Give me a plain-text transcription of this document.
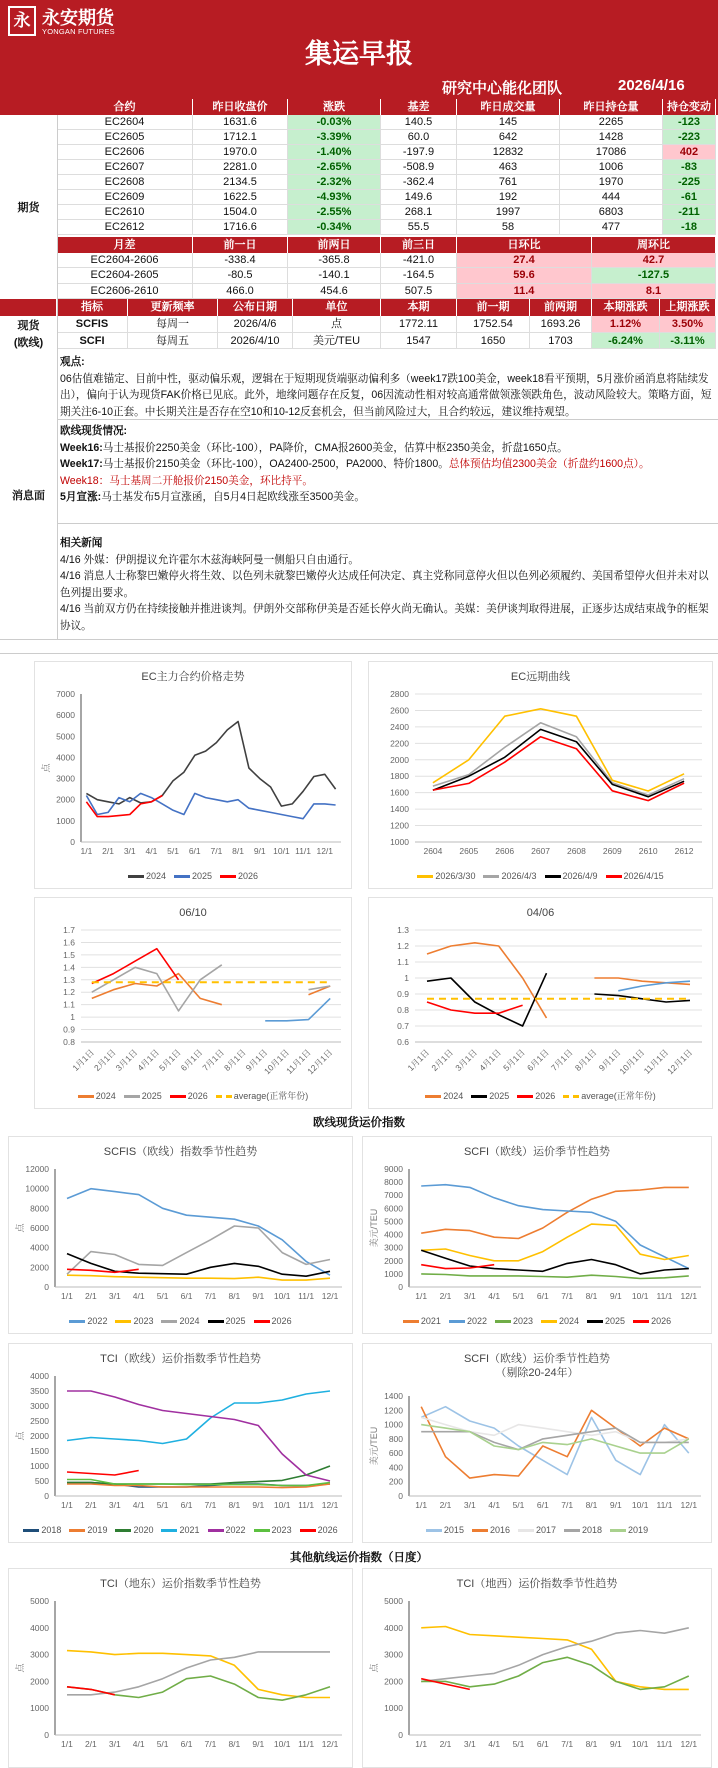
永 永安期货
YONGAN FUTURES
集运早报
研究中心能化团队	2026/4/16
合约	昨日收盘价	涨跌	基差	昨日成交量	昨日持仓量	持仓变动
EC2604	1631.6	-0.03%	140.5	145	2265	-123
EC2605	1712.1	-3.39%	60.0	642	1428	-223
EC2606	1970.0	-1.40%	-197.9	12832	17086	402
EC2607	2281.0	-2.65%	-508.9	463	1006	-83
EC2608	2134.5	-2.32%	-362.4	761	1970	-225
EC2609	1622.5	-4.93%	149.6	192	444	-61
EC2610	1504.0	-2.55%	268.1	1997	6803	-211
EC2612	1716.6	-0.34%	55.5	58	477	-18
月差	前一日	前两日	前三日	日环比	周环比
EC2604-2606	-338.4	-365.8	-421.0	27.4	42.7
EC2604-2605	-80.5	-140.1	-164.5	59.6	-127.5
EC2606-2610	466.0	454.6	507.5	11.4	8.1
指标	更新频率	公布日期	单位	本期	前一期	前两期	本期涨跌	上期涨跌
SCFIS	每周一	2026/4/6	点	1772.11	1752.54	1693.26	1.12%	3.50%
SCFI	每周五	2026/4/10	美元/TEU	1547	1650	1703	-6.24%	-3.11%
期货
现货
(欧线)
消息面
观点:
06估值难锚定、目前中性，驱动偏乐观，逻辑在于短期现货端驱动偏利多（week17跌100美金，week18看平预期，5月涨价函消息将陆续发出），偏向于认为现货FAK价格已见底。此外，地缘问题存在反复，06因流动性相对较高通常做领涨领跌角色，波动风险较大。策略方面，短期关注6-10正套。中长期关注是否存在空10和10-12反套机会，但当前风险过大，且合约较远，建议维持观望。
欧线现货情况:
Week16:马士基报价2250美金（环比-100），PA降价，CMA报2600美金，估算中枢2350美金，折盘1650点。
Week17:马士基报价2150美金（环比-100），OA2400-2500，PA2000、特价1800。总体预估均值2300美金（折盘约1600点）。
Week18：马士基周二开舱报价2150美金，环比持平。
5月宣涨:马士基发布5月宣涨函，自5月4日起欧线涨至3500美金。
相关新闻
4/16 外媒：伊朗提议允许霍尔木兹海峡阿曼一侧船只自由通行。
4/16 消息人士称黎巴嫩停火将生效、以色列未就黎巴嫩停火达成任何决定、真主党称同意停火但以色列必须履约、美国希望停火但并未对以色列提出要求。
4/16 当前双方仍在持续接触并推进谈判。伊朗外交部称伊美是否延长停火尚无确认。美媒：美伊谈判取得进展，正逐步达成结束战争的框架协议。
欧线现货运价指数
其他航线运价指数（日度）
EC主力合约价格走势
0
1000
2000
3000
4000
5000
6000
7000
点
1/1 2/1 3/1 4/1 5/1 6/1 7/1 8/1 9/1 10/1 11/1 12/1
2024	2025	2026
EC远期曲线
1000
1200
1400
1600
1800
2000
2200
2400
2600
2800
2604 2605 2606 2607 2608 2609 2610 2612
2026/3/30	2026/4/3	2026/4/9	2026/4/15
06/10
0.8
0.9
1
1.1
1.2
1.3
1.4
1.5
1.6
1.7
1月1日
2月1日
3月1日
4月1日
5月1日
6月1日
7月1日
8月1日
9月1日
10月1日
11月1日
12月1日
2024	2025	2026	average(正常年份)
04/06
0.6
0.7
0.8
0.9
1
1.1
1.2
1.3
1月1日
2月1日
3月1日
4月1日
5月1日
6月1日
7月1日
8月1日
9月1日
10月1日
11月1日
12月1日
2024	2025	2026	average(正常年份)
SCFIS（欧线）指数季节性趋势
0
2000
4000
6000
8000
10000
12000
点
1/1 2/1 3/1 4/1 5/1 6/1 7/1 8/1 9/1 10/1 11/1 12/1
2022	2023	2024	2025	2026
SCFI（欧线）运价季节性趋势
0
1000
2000
3000
4000
5000
6000
7000
8000
9000
美元/TEU
1/1 2/1 3/1 4/1 5/1 6/1 7/1 8/1 9/1 10/1 11/1 12/1
2021	2022	2023	2024	2025	2026
TCI（欧线）运价指数季节性趋势
0
500
1000
1500
2000
2500
3000
3500
4000
点
1/1 2/1 3/1 4/1 5/1 6/1 7/1 8/1 9/1 10/1 11/1 12/1
2018	2019	2020	2021	2022	2023	2026
SCFI（欧线）运价季节性趋势
（剔除20-24年）
0
200
400
600
800
1000
1200
1400
美元/TEU
1/1 2/1 3/1 4/1 5/1 6/1 7/1 8/1 9/1 10/1 11/1 12/1
2015	2016	2017	2018	2019
TCI（地东）运价指数季节性趋势
0
1000
2000
3000
4000
5000
点
1/1 2/1 3/1 4/1 5/1 6/1 7/1 8/1 9/1 10/1 11/1 12/1
TCI（地西）运价指数季节性趋势
0
1000
2000
3000
4000
5000
点
1/1 2/1 3/1 4/1 5/1 6/1 7/1 8/1 9/1 10/1 11/1 12/1
